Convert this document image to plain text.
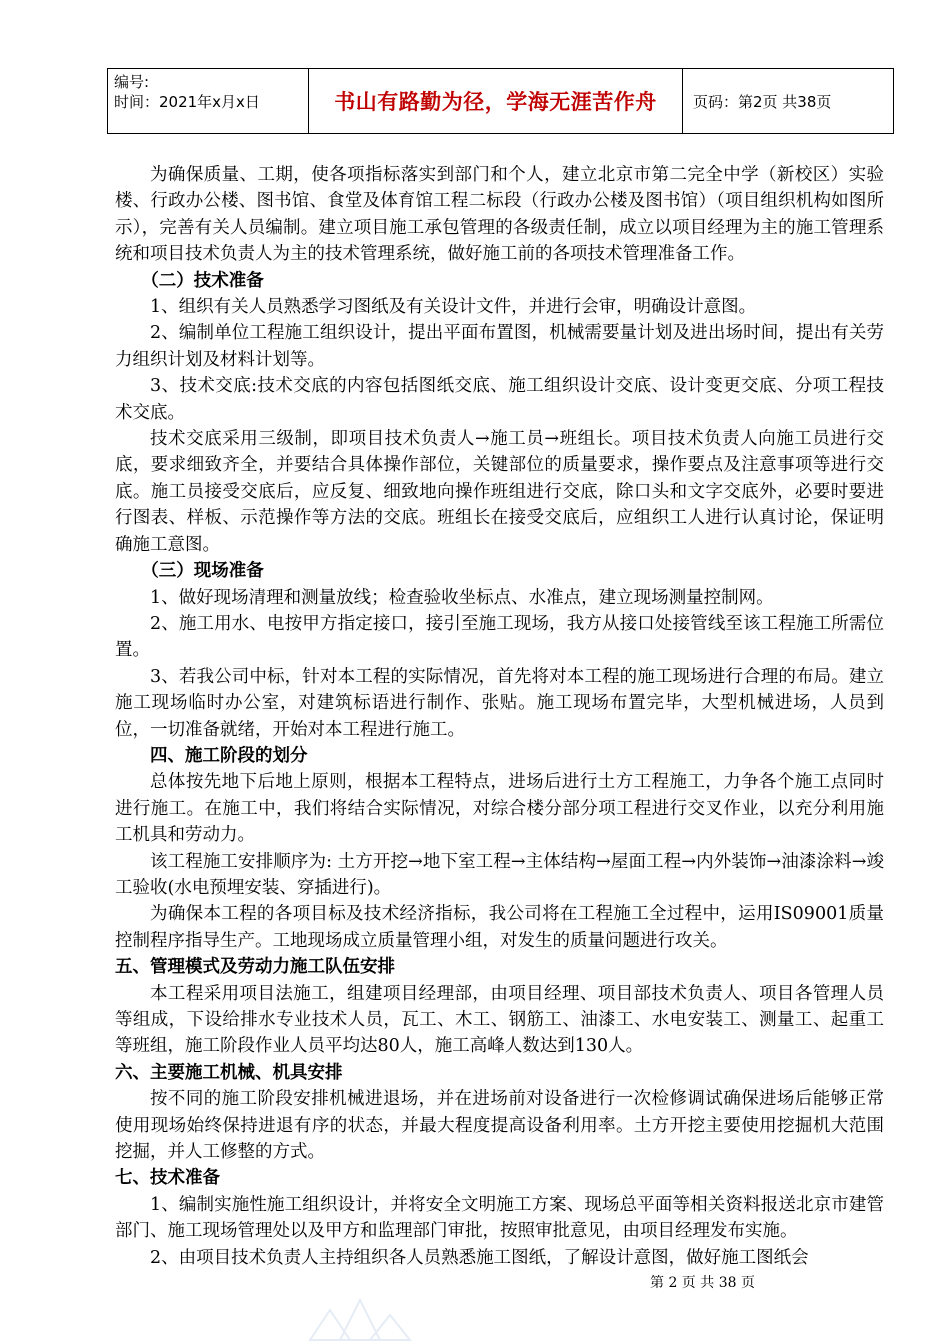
编号:
时间：2021年x月x日	书山有路勤为径，学海无涯苦作舟	页码：第2页 共38页

为确保质量、工期，使各项指标落实到部门和个人，建立北京市第二完全中学（新校区）实验楼、行政办公楼、图书馆、食堂及体育馆工程二标段（行政办公楼及图书馆）（项目组织机构如图所示），完善有关人员编制。建立项目施工承包管理的各级责任制，成立以项目经理为主的施工管理系统和项目技术负责人为主的技术管理系统，做好施工前的各项技术管理准备工作。

（二）技术准备

1、组织有关人员熟悉学习图纸及有关设计文件，并进行会审，明确设计意图。

2、编制单位工程施工组织设计，提出平面布置图，机械需要量计划及进出场时间，提出有关劳力组织计划及材料计划等。

3、技术交底:技术交底的内容包括图纸交底、施工组织设计交底、设计变更交底、分项工程技术交底。

技术交底采用三级制，即项目技术负责人→施工员→班组长。项目技术负责人向施工员进行交底，要求细致齐全，并要结合具体操作部位，关键部位的质量要求，操作要点及注意事项等进行交底。施工员接受交底后，应反复、细致地向操作班组进行交底，除口头和文字交底外，必要时要进行图表、样板、示范操作等方法的交底。班组长在接受交底后，应组织工人进行认真讨论，保证明确施工意图。

（三）现场准备

1、做好现场清理和测量放线；检查验收坐标点、水准点，建立现场测量控制网。

2、施工用水、电按甲方指定接口，接引至施工现场，我方从接口处接管线至该工程施工所需位置。

3、若我公司中标，针对本工程的实际情况，首先将对本工程的施工现场进行合理的布局。建立施工现场临时办公室，对建筑标语进行制作、张贴。施工现场布置完毕，大型机械进场，人员到位，一切准备就绪，开始对本工程进行施工。

四、施工阶段的划分

总体按先地下后地上原则，根据本工程特点，进场后进行土方工程施工，力争各个施工点同时进行施工。在施工中，我们将结合实际情况，对综合楼分部分项工程进行交叉作业，以充分利用施工机具和劳动力。

该工程施工安排顺序为: 土方开挖→地下室工程→主体结构→屋面工程→内外装饰→油漆涂料→竣工验收(水电预埋安装、穿插进行)。

为确保本工程的各项目标及技术经济指标，我公司将在工程施工全过程中，运用IS09001质量控制程序指导生产。工地现场成立质量管理小组，对发生的质量问题进行攻关。

五、管理模式及劳动力施工队伍安排

本工程采用项目法施工，组建项目经理部，由项目经理、项目部技术负责人、项目各管理人员等组成，下设给排水专业技术人员，瓦工、木工、钢筋工、油漆工、水电安装工、测量工、起重工等班组，施工阶段作业人员平均达80人，施工高峰人数达到130人。

六、主要施工机械、机具安排

按不同的施工阶段安排机械进退场，并在进场前对设备进行一次检修调试确保进场后能够正常使用现场始终保持进退有序的状态，并最大程度提高设备利用率。土方开挖主要使用挖掘机大范围挖掘，并人工修整的方式。

七、技术准备

1、编制实施性施工组织设计，并将安全文明施工方案、现场总平面等相关资料报送北京市建管部门、施工现场管理处以及甲方和监理部门审批，按照审批意见，由项目经理发布实施。

2、由项目技术负责人主持组织各人员熟悉施工图纸，了解设计意图，做好施工图纸会

第 2 页 共 38 页
